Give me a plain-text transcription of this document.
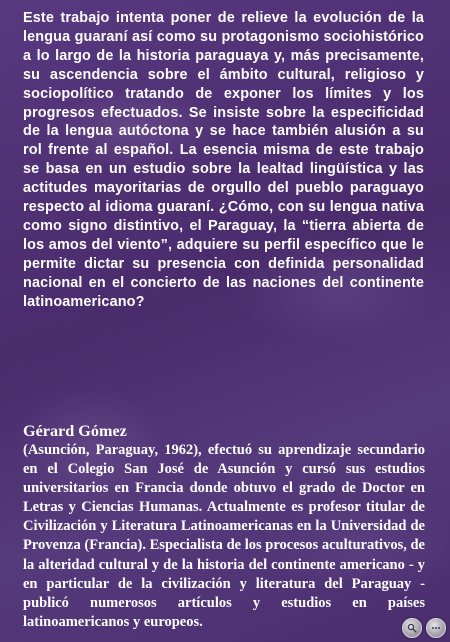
Este trabajo intenta poner de relieve la evolución de la lengua guaraní así como su protagonismo sociohistórico a lo largo de la historia paraguaya y, más precisamente, su ascendencia sobre el ámbito cultural, religioso y sociopolítico tratando de exponer los límites y los progresos efectuados. Se insiste sobre la especificidad de la lengua autóctona y se hace también alusión a su rol frente al español. La esencia misma de este trabajo se basa en un estudio sobre la lealtad lingüística y las actitudes mayoritarias de orgullo del pueblo paraguayo respecto al idioma guaraní. ¿Cómo, con su lengua nativa como signo distintivo, el Paraguay, la “tierra abierta de los amos del viento”, adquiere su perfil específico que le permite dictar su presencia con definida personalidad nacional en el concierto de las naciones del continente latinoamericano?

Gérard Gómez

(Asunción, Paraguay, 1962), efectuó su aprendizaje secundario en el Colegio San José de Asunción y cursó sus estudios universitarios en Francia donde obtuvo el grado de Doctor en Letras y Ciencias Humanas. Actualmente es profesor titular de Civilización y Literatura Latinoamericanas en la Universidad de Provenza (Francia). Especialista de los procesos aculturativos, de la alteridad cultural y de la historia del continente americano - y en particular de la civilización y literatura del Paraguay - publicó numerosos artículos y estudios en países latinoamericanos y europeos.
